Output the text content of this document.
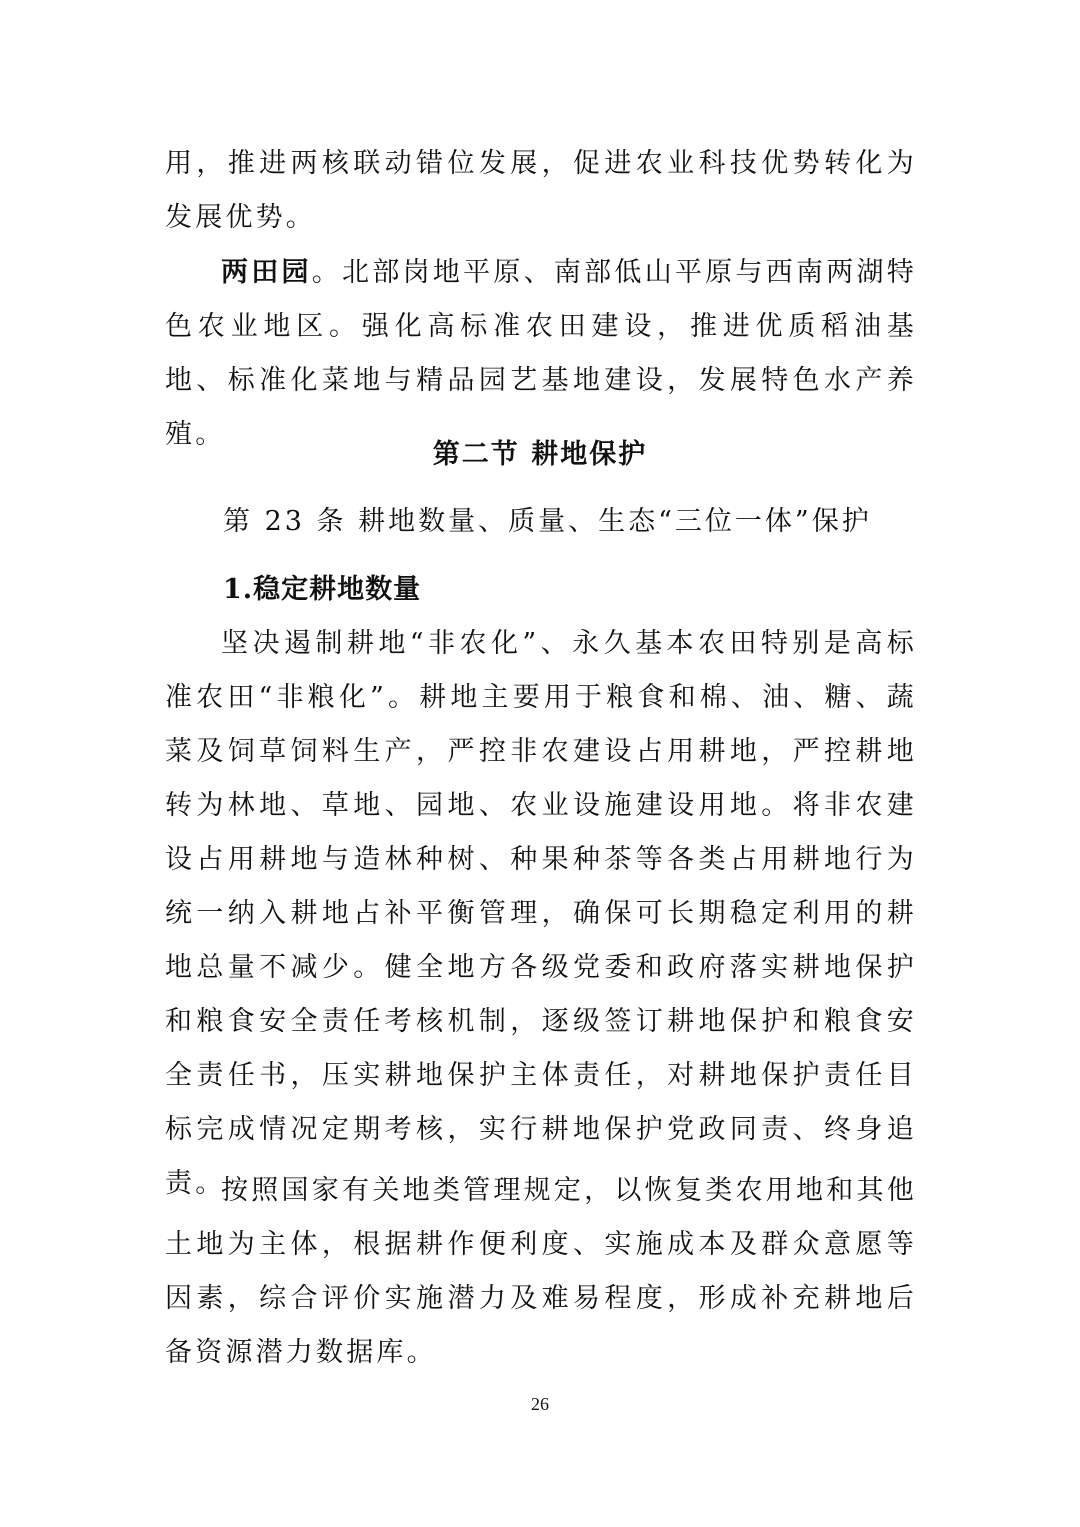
用，推进两核联动错位发展，促进农业科技优势转化为发展优势。

两田园。北部岗地平原、南部低山平原与西南两湖特色农业地区。强化高标准农田建设，推进优质稻油基地、标准化菜地与精品园艺基地建设，发展特色水产养殖。

第二节 耕地保护

第 23 条 耕地数量、质量、生态“三位一体”保护

1.稳定耕地数量

坚决遏制耕地“非农化”、永久基本农田特别是高标准农田“非粮化”。耕地主要用于粮食和棉、油、糖、蔬菜及饲草饲料生产，严控非农建设占用耕地，严控耕地转为林地、草地、园地、农业设施建设用地。将非农建设占用耕地与造林种树、种果种茶等各类占用耕地行为统一纳入耕地占补平衡管理，确保可长期稳定利用的耕地总量不减少。健全地方各级党委和政府落实耕地保护和粮食安全责任考核机制，逐级签订耕地保护和粮食安全责任书，压实耕地保护主体责任，对耕地保护责任目标完成情况定期考核，实行耕地保护党政同责、终身追责。

按照国家有关地类管理规定，以恢复类农用地和其他土地为主体，根据耕作便利度、实施成本及群众意愿等因素，综合评价实施潜力及难易程度，形成补充耕地后备资源潜力数据库。

26
